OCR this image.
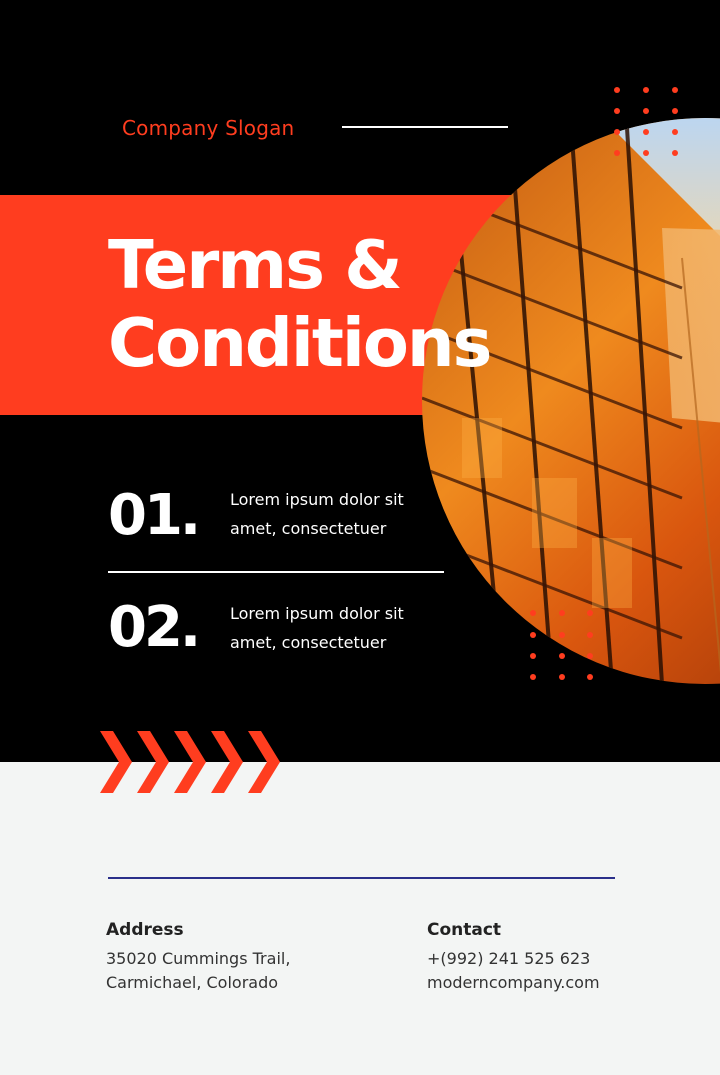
Company Slogan
Terms &
Conditions
01. Lorem ipsum dolor sit amet, consectetuer
02. Lorem ipsum dolor sit amet, consectetuer
Address
35020 Cummings Trail,
Carmichael, Colorado
Contact
+(992) 241 525 623
moderncompany.com
